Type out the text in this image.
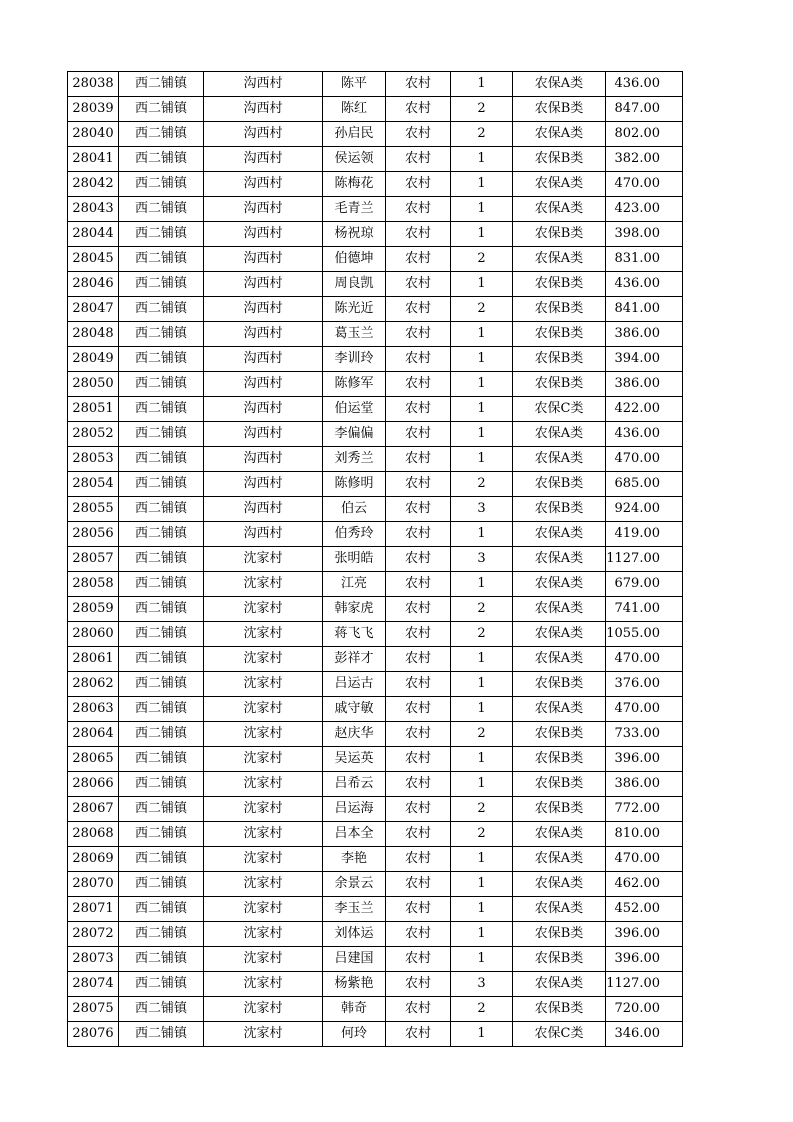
28038	西二铺镇	沟西村	陈平	农村	1	农保A类	436.00
28039	西二铺镇	沟西村	陈红	农村	2	农保B类	847.00
28040	西二铺镇	沟西村	孙启民	农村	2	农保A类	802.00
28041	西二铺镇	沟西村	侯运领	农村	1	农保B类	382.00
28042	西二铺镇	沟西村	陈梅花	农村	1	农保A类	470.00
28043	西二铺镇	沟西村	毛青兰	农村	1	农保A类	423.00
28044	西二铺镇	沟西村	杨祝琼	农村	1	农保B类	398.00
28045	西二铺镇	沟西村	伯德坤	农村	2	农保A类	831.00
28046	西二铺镇	沟西村	周良凯	农村	1	农保B类	436.00
28047	西二铺镇	沟西村	陈光近	农村	2	农保B类	841.00
28048	西二铺镇	沟西村	葛玉兰	农村	1	农保B类	386.00
28049	西二铺镇	沟西村	李训玲	农村	1	农保B类	394.00
28050	西二铺镇	沟西村	陈修军	农村	1	农保B类	386.00
28051	西二铺镇	沟西村	伯运堂	农村	1	农保C类	422.00
28052	西二铺镇	沟西村	李偏偏	农村	1	农保A类	436.00
28053	西二铺镇	沟西村	刘秀兰	农村	1	农保A类	470.00
28054	西二铺镇	沟西村	陈修明	农村	2	农保B类	685.00
28055	西二铺镇	沟西村	伯云	农村	3	农保B类	924.00
28056	西二铺镇	沟西村	伯秀玲	农村	1	农保A类	419.00
28057	西二铺镇	沈家村	张明皓	农村	3	农保A类	1127.00
28058	西二铺镇	沈家村	江亮	农村	1	农保A类	679.00
28059	西二铺镇	沈家村	韩家虎	农村	2	农保A类	741.00
28060	西二铺镇	沈家村	蒋飞飞	农村	2	农保A类	1055.00
28061	西二铺镇	沈家村	彭祥才	农村	1	农保A类	470.00
28062	西二铺镇	沈家村	吕运古	农村	1	农保B类	376.00
28063	西二铺镇	沈家村	戚守敏	农村	1	农保A类	470.00
28064	西二铺镇	沈家村	赵庆华	农村	2	农保B类	733.00
28065	西二铺镇	沈家村	吴运英	农村	1	农保B类	396.00
28066	西二铺镇	沈家村	吕希云	农村	1	农保B类	386.00
28067	西二铺镇	沈家村	吕运海	农村	2	农保B类	772.00
28068	西二铺镇	沈家村	吕本全	农村	2	农保A类	810.00
28069	西二铺镇	沈家村	李艳	农村	1	农保A类	470.00
28070	西二铺镇	沈家村	余景云	农村	1	农保A类	462.00
28071	西二铺镇	沈家村	李玉兰	农村	1	农保A类	452.00
28072	西二铺镇	沈家村	刘体运	农村	1	农保B类	396.00
28073	西二铺镇	沈家村	吕建国	农村	1	农保B类	396.00
28074	西二铺镇	沈家村	杨紫艳	农村	3	农保A类	1127.00
28075	西二铺镇	沈家村	韩奇	农村	2	农保B类	720.00
28076	西二铺镇	沈家村	何玲	农村	1	农保C类	346.00
